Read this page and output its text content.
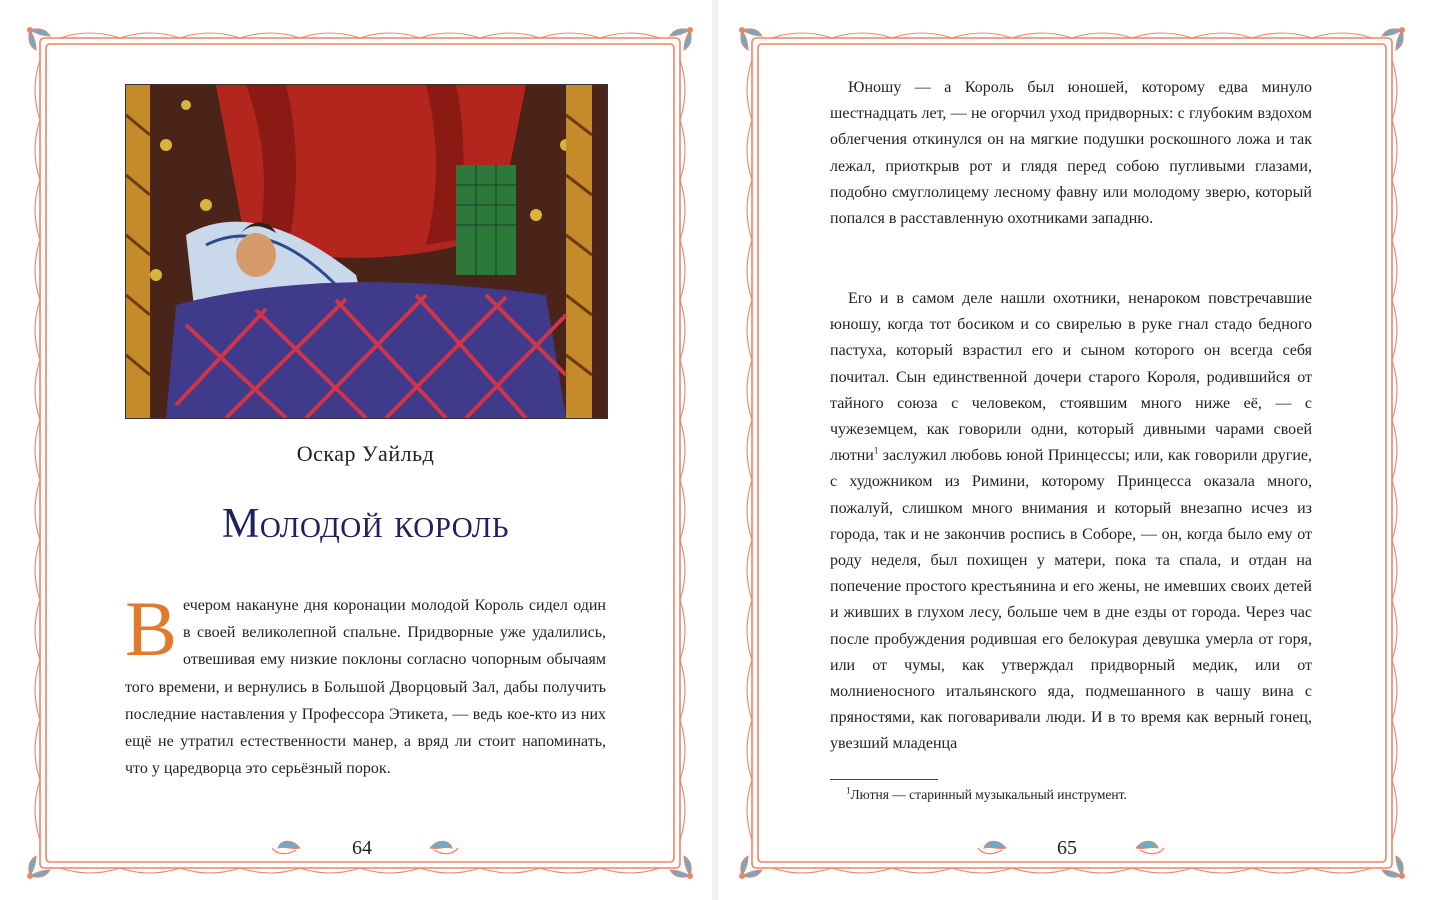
Оскар Уайльд
Молодой король

Вечером накануне дня коронации молодой Король сидел один в своей великолепной спальне. Придворные уже удалились, отвешивая ему низкие поклоны согласно чопорным обычаям того времени, и вернулись в Большой Дворцовый Зал, дабы получить последние наставления у Профессора Этикета, — ведь кое-кто из них ещё не утратил естественности манер, а вряд ли стоит напоминать, что у царедворца это серьёзный порок.

64

Юношу — а Король был юношей, которому едва минуло шестнадцать лет, — не огорчил уход придворных: с глубоким вздохом облегчения откинулся он на мягкие подушки роскошного ложа и так лежал, приоткрыв рот и глядя перед собою пугливыми глазами, подобно смуглолицему лесному фавну или молодому зверю, который попался в расставленную охотниками западню.

Его и в самом деле нашли охотники, ненароком повстречавшие юношу, когда тот босиком и со свирелью в руке гнал стадо бедного пастуха, который взрастил его и сыном которого он всегда себя почитал. Сын единственной дочери старого Короля, родившийся от тайного союза с человеком, стоявшим много ниже её, — с чужеземцем, как говорили одни, который дивными чарами своей лютни$^1$ заслужил любовь юной Принцессы; или, как говорили другие, с художником из Римини, которому Принцесса оказала много, пожалуй, слишком много внимания и который внезапно исчез из города, так и не закончив роспись в Соборе, — он, когда было ему от роду неделя, был похищен у матери, пока та спала, и отдан на попечение простого крестьянина и его жены, не имевших своих детей и живших в глухом лесу, больше чем в дне езды от города. Через час после пробуждения родившая его белокурая девушка умерла от горя, или от чумы, как утверждал придворный медик, или от молниеносного итальянского яда, подмешанного в чашу вина с пряностями, как поговаривали люди. И в то время как верный гонец, увезший младенца

$^1$Лютня — старинный музыкальный инструмент.
65
